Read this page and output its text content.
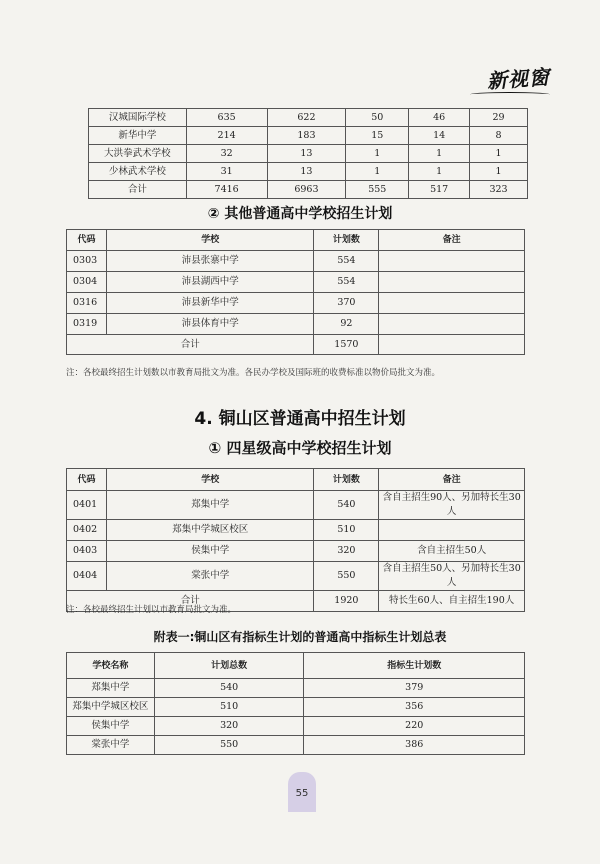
新视窗
汉城国际学校	635	622	50	46	29
新华中学	214	183	15	14	8
大洪拳武术学校	32	13	1	1	1
少林武术学校	31	13	1	1	1
合计	7416	6963	555	517	323
② 其他普通高中学校招生计划
代码	学校	计划数	备注
0303	沛县张寨中学	554	
0304	沛县湖西中学	554	
0316	沛县新华中学	370	
0319	沛县体育中学	92	
合计		1570	
注：各校最终招生计划数以市教育局批文为准。各民办学校及国际班的收费标准以物价局批文为准。
4. 铜山区普通高中招生计划
① 四星级高中学校招生计划
代码	学校	计划数	备注
0401	郑集中学	540	含自主招生90人、另加特长生30人
0402	郑集中学城区校区	510	
0403	侯集中学	320	含自主招生50人
0404	棠张中学	550	含自主招生50人、另加特长生30人
合计		1920	特长生60人、自主招生190人
注：各校最终招生计划以市教育局批文为准。
附表一:铜山区有指标生计划的普通高中指标生计划总表
学校名称	计划总数	指标生计划数
郑集中学	540	379
郑集中学城区校区	510	356
侯集中学	320	220
棠张中学	550	386
55
